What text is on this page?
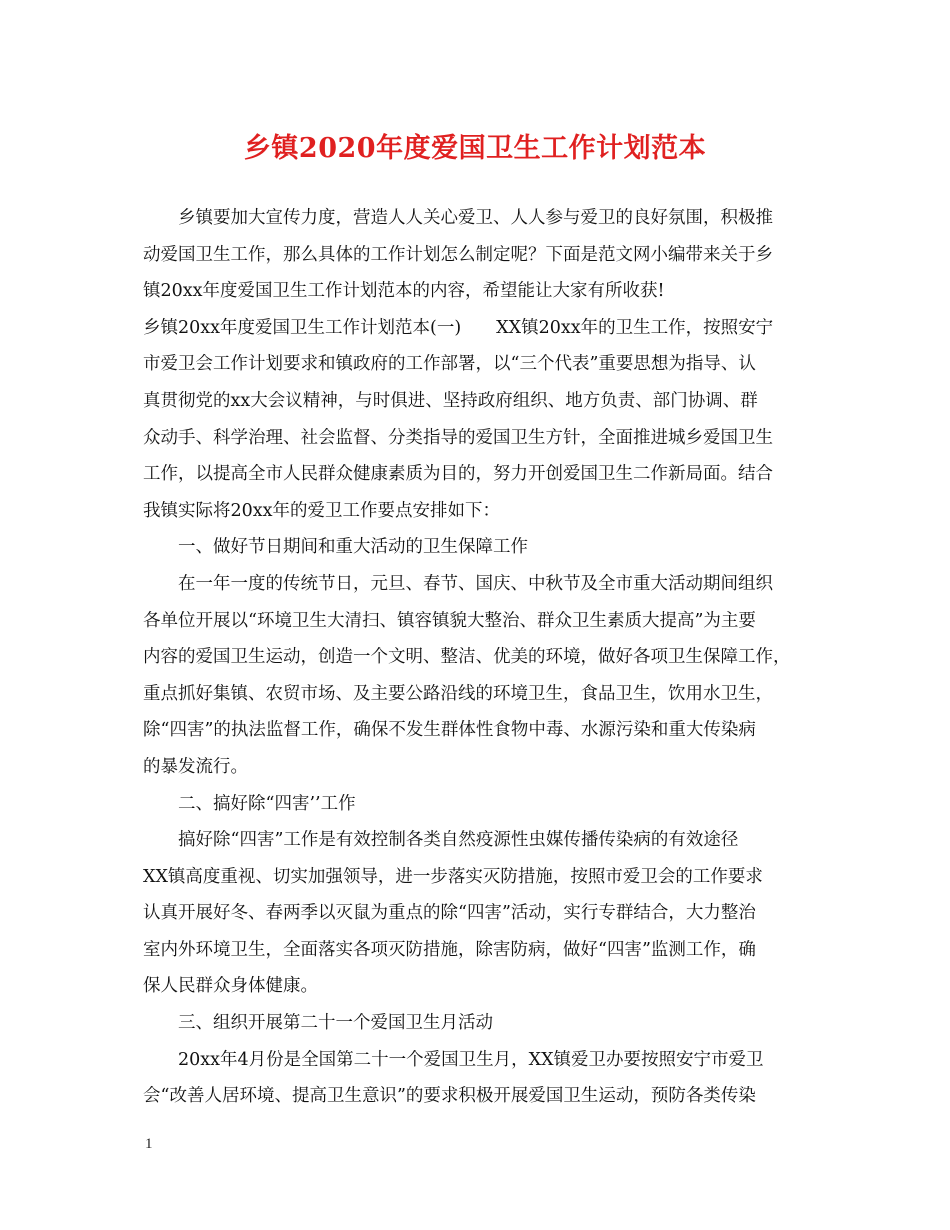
乡镇2020年度爱国卫生工作计划范本
乡镇要加大宣传力度，营造人人关心爱卫、人人参与爱卫的良好氛围，积极推
动爱国卫生工作，那么具体的工作计划怎么制定呢？下面是范文网小编带来关于乡
镇20xx年度爱国卫生工作计划范本的内容，希望能让大家有所收获!
乡镇20xx年度爱国卫生工作计划范本(一)　　XX镇20xx年的卫生工作，按照安宁
市爱卫会工作计划要求和镇政府的工作部署，以“三个代表”重要思想为指导、认
真贯彻党的xx大会议精神，与时俱进、坚持政府组织、地方负责、部门协调、群
众动手、科学治理、社会监督、分类指导的爱国卫生方针，全面推进城乡爱国卫生
工作，以提高全市人民群众健康素质为目的，努力开创爱国卫生二作新局面。结合
我镇实际将20xx年的爱卫工作要点安排如下：
一、做好节日期间和重大活动的卫生保障工作
在一年一度的传统节日，元旦、春节、国庆、中秋节及全市重大活动期间组织
各单位开展以“环境卫生大清扫、镇容镇貌大整治、群众卫生素质大提高”为主要
内容的爱国卫生运动，创造一个文明、整洁、优美的环境，做好各项卫生保障工作，
重点抓好集镇、农贸市场、及主要公路沿线的环境卫生，食品卫生，饮用水卫生，
除“四害”的执法监督工作，确保不发生群体性食物中毒、水源污染和重大传染病
的暴发流行。
二、搞好除“四害’’工作
搞好除“四害”工作是有效控制各类自然疫源性虫媒传播传染病的有效途径
XX镇高度重视、切实加强领导，进一步落实灭防措施，按照市爱卫会的工作要求
认真开展好冬、春两季以灭鼠为重点的除“四害”活动，实行专群结合，大力整治
室内外环境卫生，全面落实各项灭防措施，除害防病，做好“四害”监测工作，确
保人民群众身体健康。
三、组织开展第二十一个爱国卫生月活动
20xx年4月份是全国第二十一个爱国卫生月，XX镇爱卫办要按照安宁市爱卫
会“改善人居环境、提高卫生意识”的要求积极开展爱国卫生运动，预防各类传染
1
